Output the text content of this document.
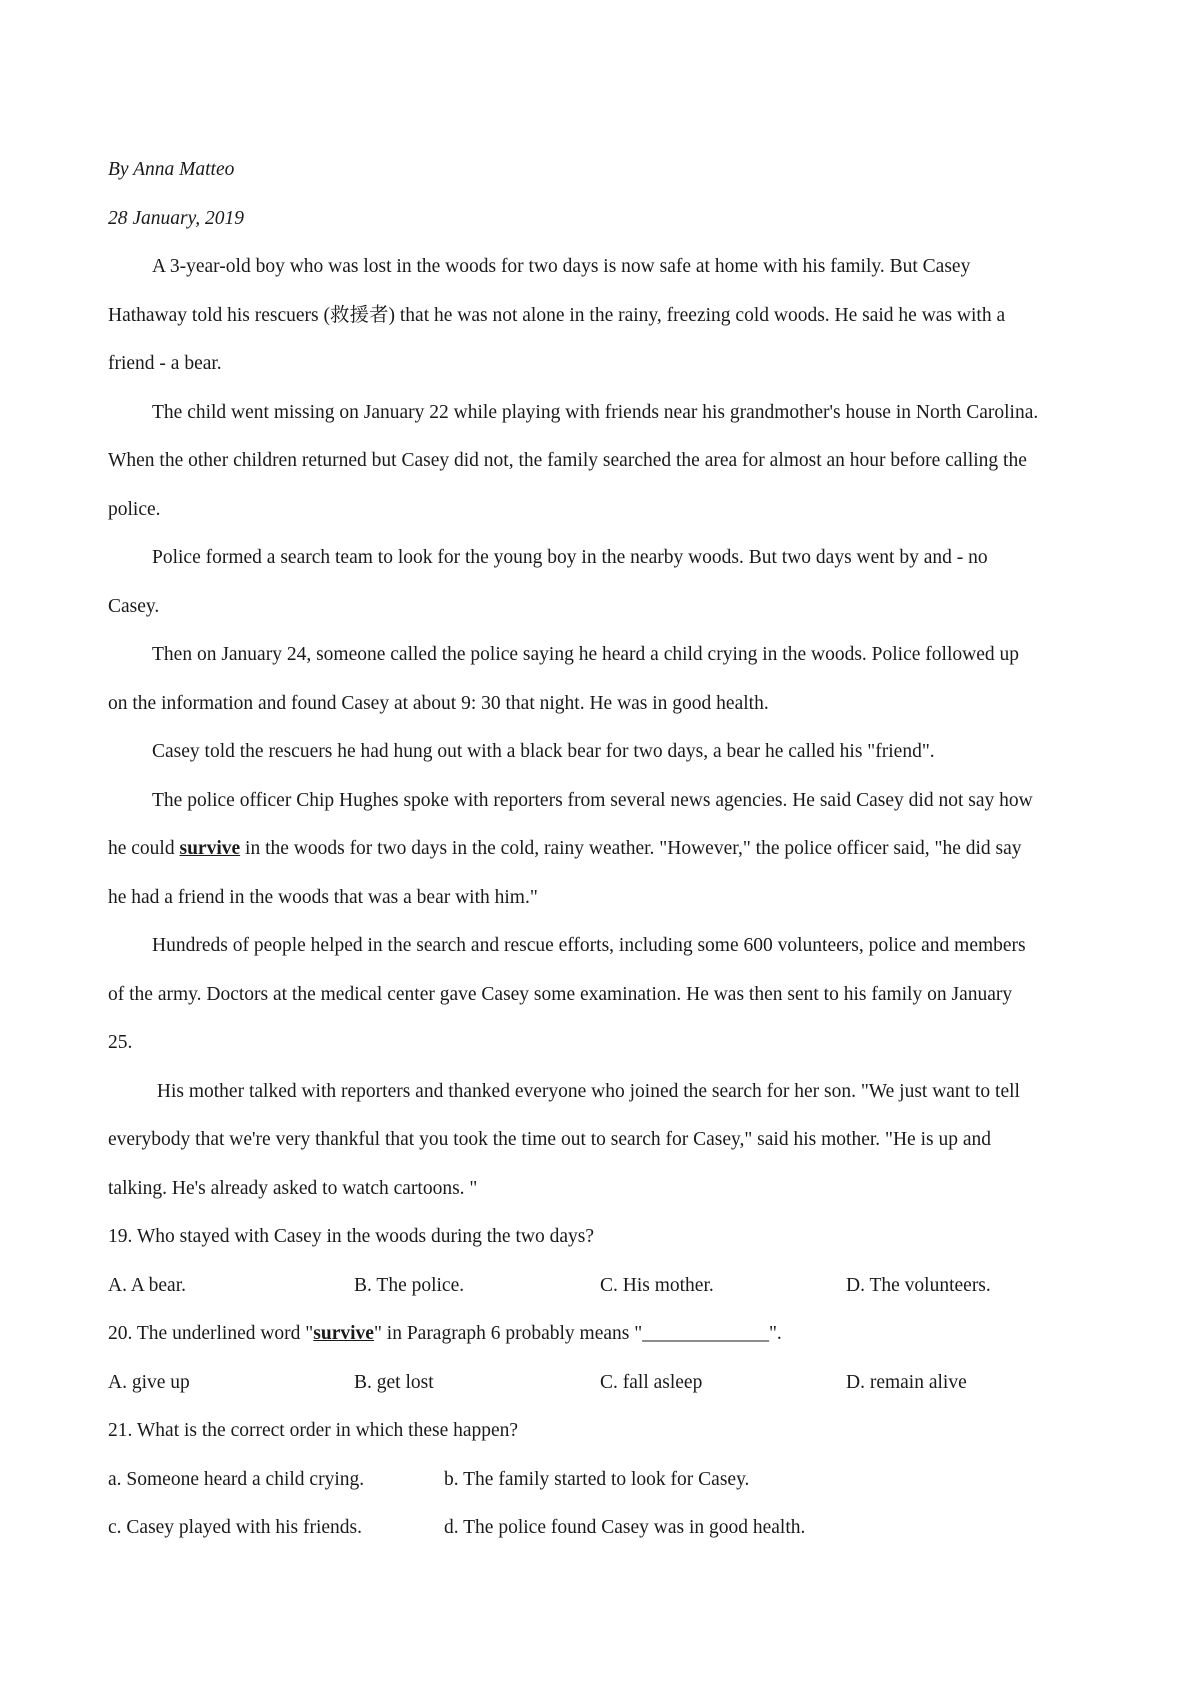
By Anna Matteo
28 January, 2019
A 3-year-old boy who was lost in the woods for two days is now safe at home with his family. But Casey
Hathaway told his rescuers (救援者) that he was not alone in the rainy, freezing cold woods. He said he was with a
friend - a bear.
The child went missing on January 22 while playing with friends near his grandmother's house in North Carolina.
When the other children returned but Casey did not, the family searched the area for almost an hour before calling the
police.
Police formed a search team to look for the young boy in the nearby woods. But two days went by and - no
Casey.
Then on January 24, someone called the police saying he heard a child crying in the woods. Police followed up
on the information and found Casey at about 9: 30 that night. He was in good health.
Casey told the rescuers he had hung out with a black bear for two days, a bear he called his "friend".
The police officer Chip Hughes spoke with reporters from several news agencies. He said Casey did not say how
he could survive in the woods for two days in the cold, rainy weather. "However," the police officer said, "he did say
he had a friend in the woods that was a bear with him."
Hundreds of people helped in the search and rescue efforts, including some 600 volunteers, police and members
of the army. Doctors at the medical center gave Casey some examination. He was then sent to his family on January
25.
His mother talked with reporters and thanked everyone who joined the search for her son. "We just want to tell
everybody that we're very thankful that you took the time out to search for Casey," said his mother. "He is up and
talking. He's already asked to watch cartoons. "
19. Who stayed with Casey in the woods during the two days?
A. A bear.	B. The police.	C. His mother.	D. The volunteers.
20. The underlined word "survive" in Paragraph 6 probably means "_____________".
A. give up	B. get lost	C. fall asleep	D. remain alive
21. What is the correct order in which these happen?
a. Someone heard a child crying.	b. The family started to look for Casey.
c. Casey played with his friends.	d. The police found Casey was in good health.
